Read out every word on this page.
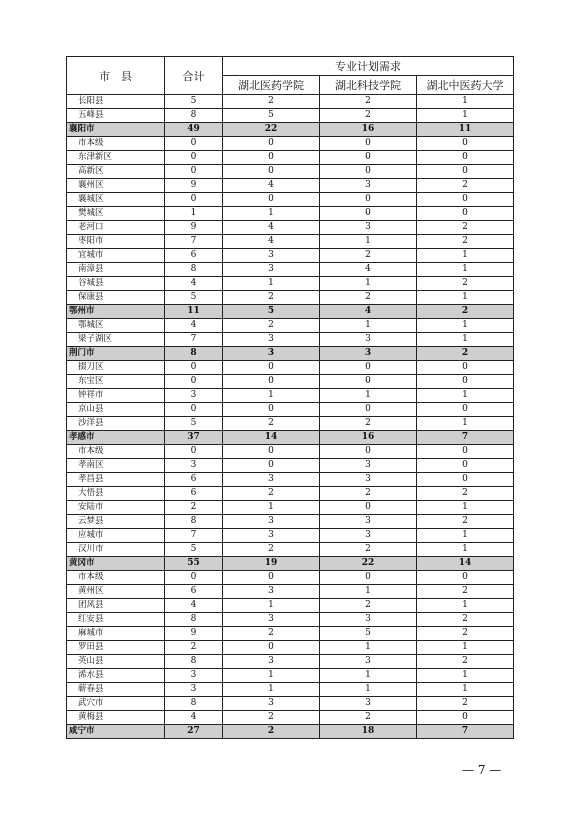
市　县	合计	专业计划需求		
		湖北医药学院	湖北科技学院	湖北中医药大学
长阳县	5	2	2	1
五峰县	8	5	2	1
襄阳市	49	22	16	11
市本级	0	0	0	0
东津新区	0	0	0	0
高新区	0	0	0	0
襄州区	9	4	3	2
襄城区	0	0	0	0
樊城区	1	1	0	0
老河口	9	4	3	2
枣阳市	7	4	1	2
宜城市	6	3	2	1
南漳县	8	3	4	1
谷城县	4	1	1	2
保康县	5	2	2	1
鄂州市	11	5	4	2
鄂城区	4	2	1	1
梁子湖区	7	3	3	1
荆门市	8	3	3	2
掇刀区	0	0	0	0
东宝区	0	0	0	0
钟祥市	3	1	1	1
京山县	0	0	0	0
沙洋县	5	2	2	1
孝感市	37	14	16	7
市本级	0	0	0	0
孝南区	3	0	3	0
孝昌县	6	3	3	0
大悟县	6	2	2	2
安陆市	2	1	0	1
云梦县	8	3	3	2
应城市	7	3	3	1
汉川市	5	2	2	1
黄冈市	55	19	22	14
市本级	0	0	0	0
黄州区	6	3	1	2
团风县	4	1	2	1
红安县	8	3	3	2
麻城市	9	2	5	2
罗田县	2	0	1	1
英山县	8	3	3	2
浠水县	3	1	1	1
蕲春县	3	1	1	1
武穴市	8	3	3	2
黄梅县	4	2	2	0
咸宁市	27	2	18	7
— 7 —
